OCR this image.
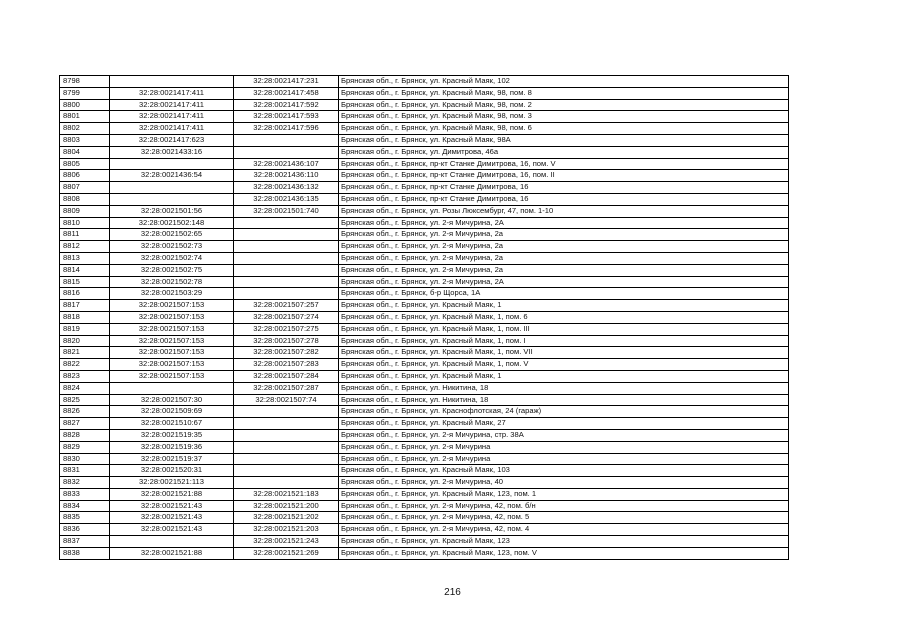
8798		32:28:0021417:231	Брянская обл., г. Брянск, ул. Красный Маяк, 102
8799	32:28:0021417:411	32:28:0021417:458	Брянская обл., г. Брянск, ул. Красный Маяк, 98, пом. 8
8800	32:28:0021417:411	32:28:0021417:592	Брянская обл., г. Брянск, ул. Красный Маяк, 98, пом. 2
8801	32:28:0021417:411	32:28:0021417:593	Брянская обл., г. Брянск, ул. Красный Маяк, 98, пом. 3
8802	32:28:0021417:411	32:28:0021417:596	Брянская обл., г. Брянск, ул. Красный Маяк, 98, пом. 6
8803	32:28:0021417:623		Брянская обл., г. Брянск, ул. Красный Маяк, 98А
8804	32:28:0021433:16		Брянская обл., г. Брянск, ул. Димитрова, 46а
8805		32:28:0021436:107	Брянская обл., г. Брянск, пр-кт Станке Димитрова, 16, пом. V
8806	32:28:0021436:54	32:28:0021436:110	Брянская обл., г. Брянск, пр-кт Станке Димитрова, 16, пом. II
8807		32:28:0021436:132	Брянская обл., г. Брянск, пр-кт Станке Димитрова, 16
8808		32:28:0021436:135	Брянская обл., г. Брянск, пр-кт Станке Димитрова, 16
8809	32:28:0021501:56	32:28:0021501:740	Брянская обл., г. Брянск, ул. Розы Люксембург, 47, пом. 1-10
8810	32:28:0021502:148		Брянская обл., г. Брянск, ул. 2-я Мичурина, 2А
8811	32:28:0021502:65		Брянская обл., г. Брянск, ул. 2-я Мичурина, 2а
8812	32:28:0021502:73		Брянская обл., г. Брянск, ул. 2-я Мичурина, 2а
8813	32:28:0021502:74		Брянская обл., г. Брянск, ул. 2-я Мичурина, 2а
8814	32:28:0021502:75		Брянская обл., г. Брянск, ул. 2-я Мичурина, 2а
8815	32:28:0021502:78		Брянская обл., г. Брянск, ул. 2-я Мичурина, 2А
8816	32:28:0021503:29		Брянская обл., г. Брянск, б-р Щорса, 1А
8817	32:28:0021507:153	32:28:0021507:257	Брянская обл., г. Брянск, ул. Красный Маяк, 1
8818	32:28:0021507:153	32:28:0021507:274	Брянская обл., г. Брянск, ул. Красный Маяк, 1, пом. 6
8819	32:28:0021507:153	32:28:0021507:275	Брянская обл., г. Брянск, ул. Красный Маяк, 1, пом. III
8820	32:28:0021507:153	32:28:0021507:278	Брянская обл., г. Брянск, ул. Красный Маяк, 1, пом. I
8821	32:28:0021507:153	32:28:0021507:282	Брянская обл., г. Брянск, ул. Красный Маяк, 1, пом. VII
8822	32:28:0021507:153	32:28:0021507:283	Брянская обл., г. Брянск, ул. Красный Маяк, 1, пом. V
8823	32:28:0021507:153	32:28:0021507:284	Брянская обл., г. Брянск, ул. Красный Маяк, 1
8824		32:28:0021507:287	Брянская обл., г. Брянск, ул. Никитина, 18
8825	32:28:0021507:30	32:28:0021507:74	Брянская обл., г. Брянск, ул. Никитина, 18
8826	32:28:0021509:69		Брянская обл., г. Брянск, ул. Краснофлотская, 24 (гараж)
8827	32:28:0021510:67		Брянская обл., г. Брянск, ул. Красный Маяк, 27
8828	32:28:0021519:35		Брянская обл., г. Брянск, ул. 2-я Мичурина, стр. 38А
8829	32:28:0021519:36		Брянская обл., г. Брянск, ул. 2-я Мичурина
8830	32:28:0021519:37		Брянская обл., г. Брянск, ул. 2-я Мичурина
8831	32:28:0021520:31		Брянская обл., г. Брянск, ул. Красный Маяк, 103
8832	32:28:0021521:113		Брянская обл., г. Брянск, ул. 2-я Мичурина, 40
8833	32:28:0021521:88	32:28:0021521:183	Брянская обл., г. Брянск, ул. Красный Маяк, 123, пом. 1
8834	32:28:0021521:43	32:28:0021521:200	Брянская обл., г. Брянск, ул. 2-я Мичурина, 42, пом. б/н
8835	32:28:0021521:43	32:28:0021521:202	Брянская обл., г. Брянск, ул. 2-я Мичурина, 42, пом. 5
8836	32:28:0021521:43	32:28:0021521:203	Брянская обл., г. Брянск, ул. 2-я Мичурина, 42, пом. 4
8837		32:28:0021521:243	Брянская обл., г. Брянск, ул. Красный Маяк, 123
8838	32:28:0021521:88	32:28:0021521:269	Брянская обл., г. Брянск, ул. Красный Маяк, 123, пом. V
216
